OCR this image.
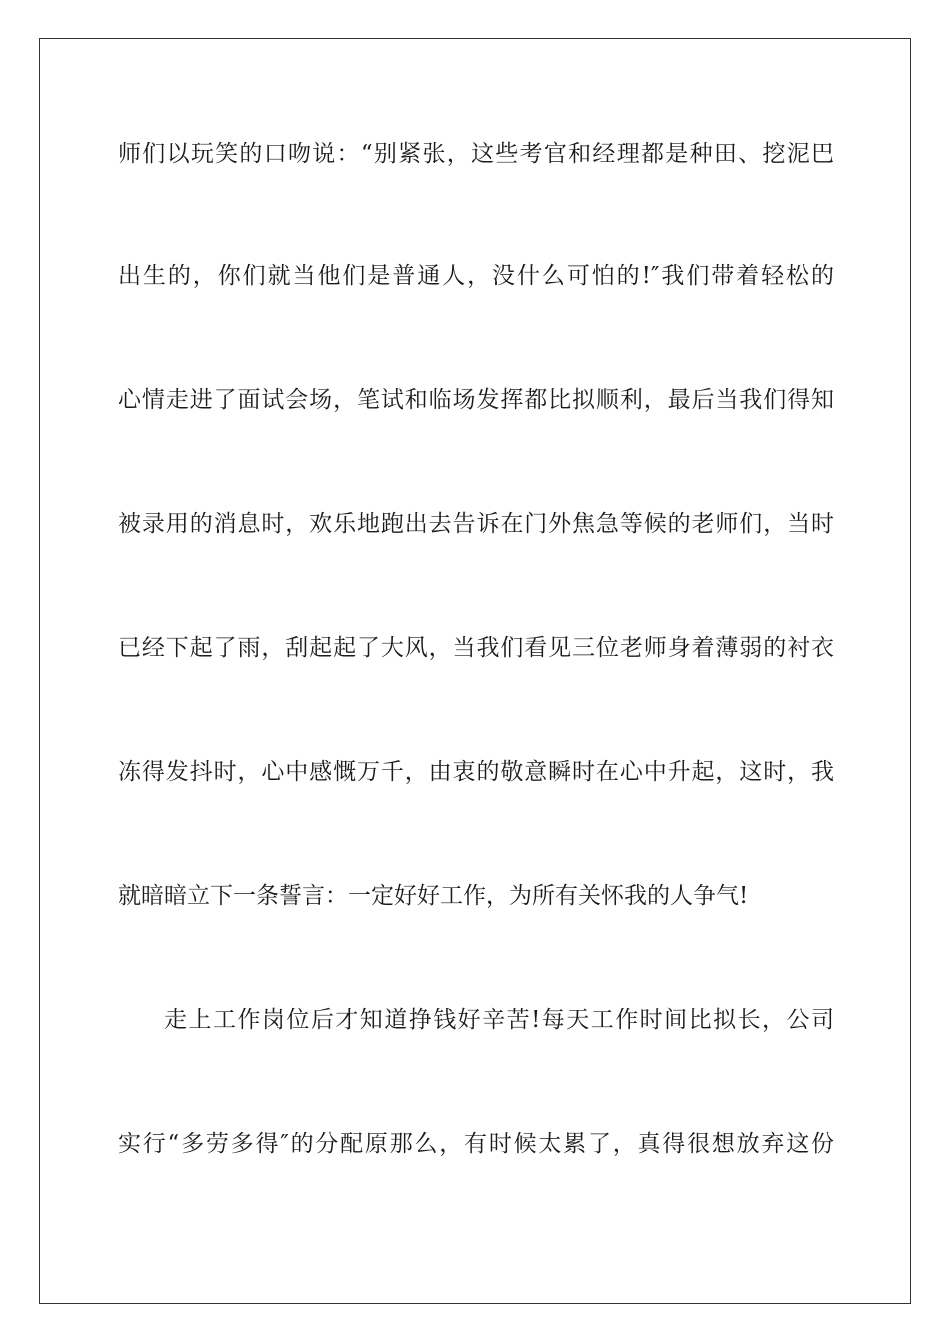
师们以玩笑的口吻说：“别紧张，这些考官和经理都是种田、挖泥巴
出生的，你们就当他们是普通人，没什么可怕的!″我们带着轻松的
心情走进了面试会场，笔试和临场发挥都比拟顺利，最后当我们得知
被录用的消息时，欢乐地跑出去告诉在门外焦急等候的老师们，当时
已经下起了雨，刮起起了大风，当我们看见三位老师身着薄弱的衬衣
冻得发抖时，心中感慨万千，由衷的敬意瞬时在心中升起，这时，我
就暗暗立下一条誓言：一定好好工作，为所有关怀我的人争气!
走上工作岗位后才知道挣钱好辛苦!每天工作时间比拟长，公司
实行“多劳多得″的分配原那么，有时候太累了，真得很想放弃这份
